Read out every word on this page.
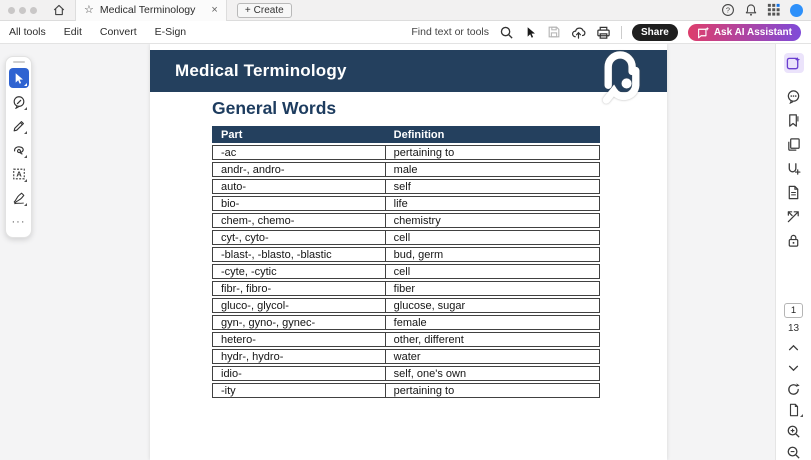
☆ Medical Terminology ×	+ Create	?
All tools Edit Convert E-Sign	Find text or tools	Share	Ask AI Assistant
A
···
Medical Terminology
General Words
Part	Definition
-ac	pertaining to
andr-, andro-	male
auto-	self
bio-	life
chem-, chemo-	chemistry
cyt-, cyto-	cell
-blast-, -blasto, -blastic	bud, germ
-cyte, -cytic	cell
fibr-, fibro-	fiber
gluco-, glycol-	glucose, sugar
gyn-, gyno-, gynec-	female
hetero-	other, different
hydr-, hydro-	water
idio-	self, one's own
-ity	pertaining to
1
13
